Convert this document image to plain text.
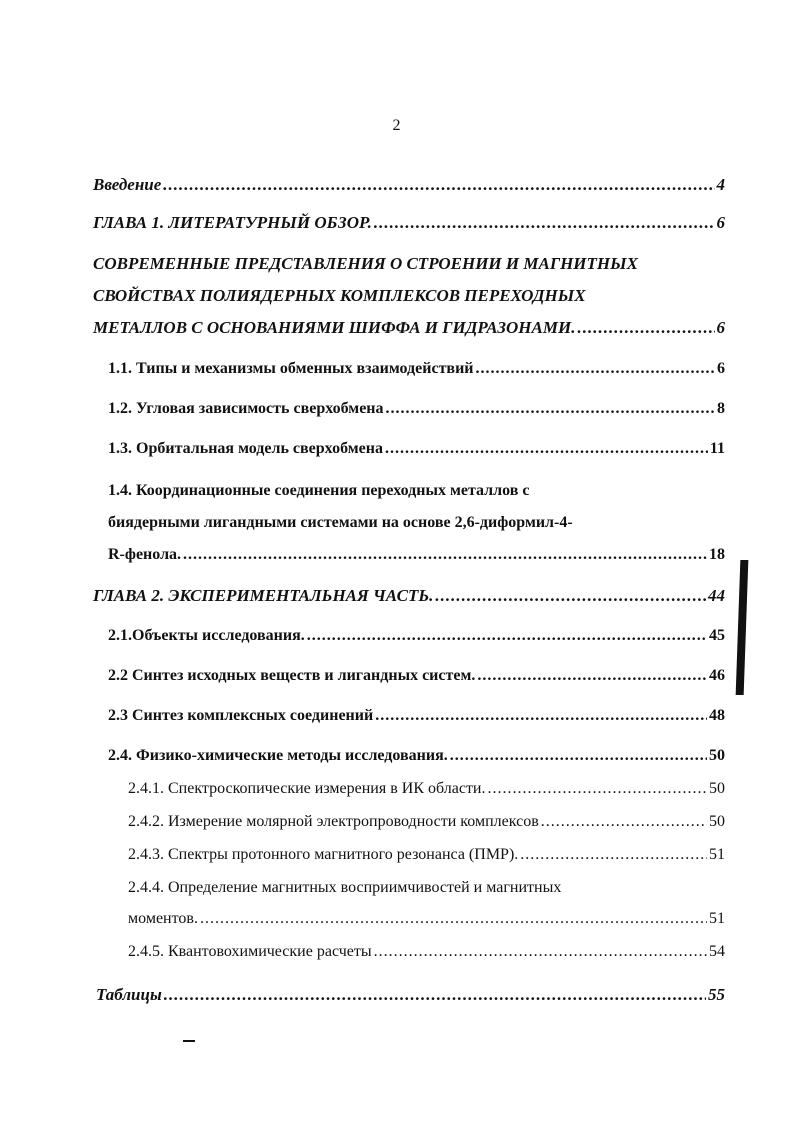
2
Введение .....	4
ГЛАВА 1. ЛИТЕРАТУРНЫЙ ОБЗОР. .....	6
СОВРЕМЕННЫЕ ПРЕДСТАВЛЕНИЯ О СТРОЕНИИ И МАГНИТНЫХ
СВОЙСТВАХ ПОЛИЯДЕРНЫХ КОМПЛЕКСОВ ПЕРЕХОДНЫХ
МЕТАЛЛОВ С ОСНОВАНИЯМИ ШИФФА И ГИДРАЗОНАМИ. .....	6
1.1. Типы и механизмы обменных взаимодействий .....	6
1.2. Угловая зависимость сверхобмена .....	8
1.3. Орбитальная модель сверхобмена .....	11
1.4. Координационные соединения переходных металлов с
биядерными лигандными системами на основе 2,6-диформил-4-
R-фенола. .....	18
ГЛАВА 2. ЭКСПЕРИМЕНТАЛЬНАЯ ЧАСТЬ. .....	44
2.1.Объекты исследования. .....	45
2.2 Синтез исходных веществ и лигандных систем. .....	46
2.3 Синтез комплексных соединений .....	48
2.4. Физико-химические методы исследования. .....	50
2.4.1. Спектроскопические измерения в ИК области. .....	50
2.4.2. Измерение молярной электропроводности комплексов .....	50
2.4.3. Спектры протонного магнитного резонанса (ПМР). .....	51
2.4.4. Определение магнитных восприимчивостей и магнитных
моментов. .....	51
2.4.5. Квантовохимические расчеты .....	54
Таблицы .....	55
